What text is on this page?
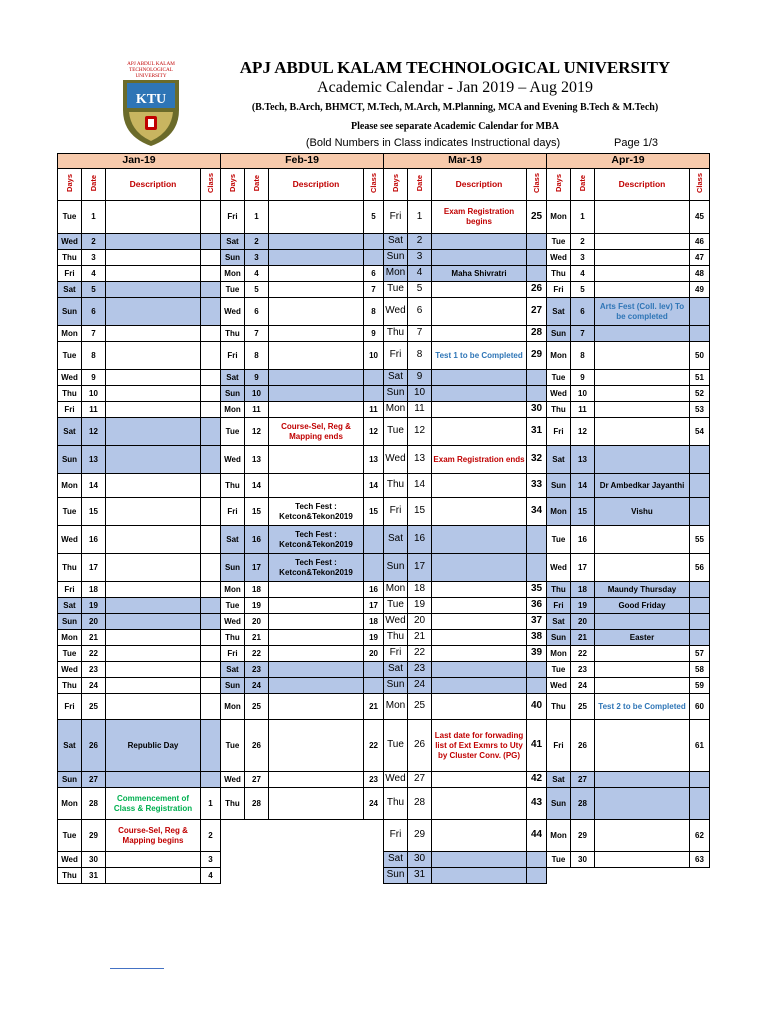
APJ ABDUL KALAM
TECHNOLOGICAL
UNIVERSITY
KTU
APJ ABDUL KALAM TECHNOLOGICAL UNIVERSITY
Academic Calendar - Jan 2019 – Aug 2019
(B.Tech, B.Arch, BHMCT, M.Tech, M.Arch, M.Planning, MCA and Evening B.Tech & M.Tech)
Please see separate Academic Calendar for MBA
(Bold Numbers in Class indicates Instructional days)	Page 1/3
Jan-19			
Days	Date	Description	Class
Tue	1		
Wed	2		
Thu	3		
Fri	4		
Sat	5		
Sun	6		
Mon	7		
Tue	8		
Wed	9		
Thu	10		
Fri	11		
Sat	12		
Sun	13		
Mon	14		
Tue	15		
Wed	16		
Thu	17		
Fri	18		
Sat	19		
Sun	20		
Mon	21		
Tue	22		
Wed	23		
Thu	24		
Fri	25		
Sat	26	Republic Day	
Sun	27		
Mon	28	Commencement of Class & Registration	1
Tue	29	Course-Sel, Reg & Mapping begins	2
Wed	30		3
Thu	31		4
Feb-19			
Days	Date	Description	Class
Fri	1		5
Sat	2		
Sun	3		
Mon	4		6
Tue	5		7
Wed	6		8
Thu	7		9
Fri	8		10
Sat	9		
Sun	10		
Mon	11		11
Tue	12	Course-Sel, Reg & Mapping ends	12
Wed	13		13
Thu	14		14
Fri	15	Tech Fest : Ketcon&Tekon2019	15
Sat	16	Tech Fest : Ketcon&Tekon2019	
Sun	17	Tech Fest : Ketcon&Tekon2019	
Mon	18		16
Tue	19		17
Wed	20		18
Thu	21		19
Fri	22		20
Sat	23		
Sun	24		
Mon	25		21
Tue	26		22
Wed	27		23
Thu	28		24
Mar-19			
Days	Date	Description	Class
Fri	1	Exam Registration begins	25
Sat	2		
Sun	3		
Mon	4	Maha Shivratri	
Tue	5		26
Wed	6		27
Thu	7		28
Fri	8	Test 1 to be Completed	29
Sat	9		
Sun	10		
Mon	11		30
Tue	12		31
Wed	13	Exam Registration ends	32
Thu	14		33
Fri	15		34
Sat	16		
Sun	17		
Mon	18		35
Tue	19		36
Wed	20		37
Thu	21		38
Fri	22		39
Sat	23		
Sun	24		
Mon	25		40
Tue	26	Last date for forwading list of Ext Exmrs to Uty by Cluster Conv. (PG)	41
Wed	27		42
Thu	28		43
Fri	29		44
Sat	30		
Sun	31		
Apr-19			
Days	Date	Description	Class
Mon	1		45
Tue	2		46
Wed	3		47
Thu	4		48
Fri	5		49
Sat	6	Arts Fest (Coll. lev) To be completed	
Sun	7		
Mon	8		50
Tue	9		51
Wed	10		52
Thu	11		53
Fri	12		54
Sat	13		
Sun	14	Dr Ambedkar Jayanthi	
Mon	15	Vishu	
Tue	16		55
Wed	17		56
Thu	18	Maundy Thursday	
Fri	19	Good Friday	
Sat	20		
Sun	21	Easter	
Mon	22		57
Tue	23		58
Wed	24		59
Thu	25	Test 2 to be Completed	60
Fri	26		61
Sat	27		
Sun	28		
Mon	29		62
Tue	30		63
